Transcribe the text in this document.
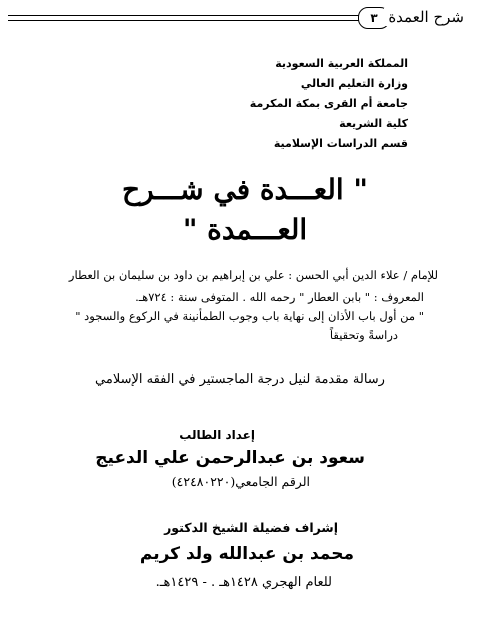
٣ شرح العمدة
المملكة العربية السعودية
وزارة التعليم العالي
جامعة أم القرى بمكة المكرمة
كلية الشريعة
قسم الدراسات الإسلامية
" العـــدة في شـــرح
العـــمدة "
للإمام / علاء الدين أبي الحسن : علي بن إبراهيم بن داود بن سليمان بن العطار
المعروف : " بابن العطار " رحمه الله . المتوفى سنة : ٧٢٤هـ.
" من أول باب الأذان إلى نهاية باب وجوب الطمأنينة في الركوع والسجود "
دراسةً وتحقيقاً
رسالة مقدمة لنيل درجة الماجستير في الفقه الإسلامي
إعداد الطالب
سعود بن عبدالرحمن علي الدعيج
الرقم الجامعي(٤٢٤٨٠٢٢٠)
إشراف فضيلة الشيخ الدكتور
محمد بن عبدالله ولد كريم
للعام الهجري ١٤٢٨هـ . - ١٤٢٩هـ.
